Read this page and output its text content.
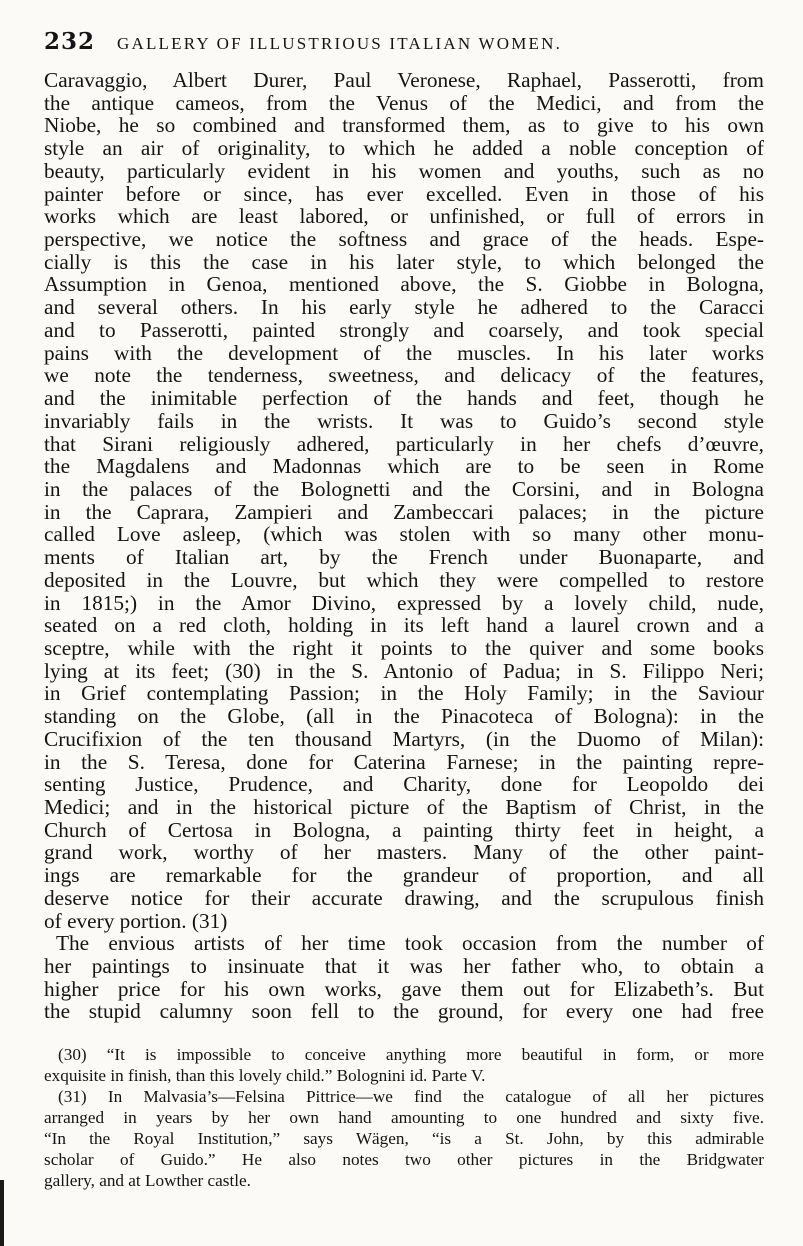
232 GALLERY OF ILLUSTRIOUS ITALIAN WOMEN.
Caravaggio, Albert Durer, Paul Veronese, Raphael, Passerotti, from
the antique cameos, from the Venus of the Medici, and from the
Niobe, he so combined and transformed them, as to give to his own
style an air of originality, to which he added a noble conception of
beauty, particularly evident in his women and youths, such as no
painter before or since, has ever excelled. Even in those of his
works which are least labored, or unfinished, or full of errors in
perspective, we notice the softness and grace of the heads. Espe-
cially is this the case in his later style, to which belonged the
Assumption in Genoa, mentioned above, the S. Giobbe in Bologna,
and several others. In his early style he adhered to the Caracci
and to Passerotti, painted strongly and coarsely, and took special
pains with the development of the muscles. In his later works
we note the tenderness, sweetness, and delicacy of the features,
and the inimitable perfection of the hands and feet, though he
invariably fails in the wrists. It was to Guido’s second style
that Sirani religiously adhered, particularly in her chefs d’œuvre,
the Magdalens and Madonnas which are to be seen in Rome
in the palaces of the Bolognetti and the Corsini, and in Bologna
in the Caprara, Zampieri and Zambeccari palaces; in the picture
called Love asleep, (which was stolen with so many other monu-
ments of Italian art, by the French under Buonaparte, and
deposited in the Louvre, but which they were compelled to restore
in 1815;) in the Amor Divino, expressed by a lovely child, nude,
seated on a red cloth, holding in its left hand a laurel crown and a
sceptre, while with the right it points to the quiver and some books
lying at its feet; (30) in the S. Antonio of Padua; in S. Filippo Neri;
in Grief contemplating Passion; in the Holy Family; in the Saviour
standing on the Globe, (all in the Pinacoteca of Bologna): in the
Crucifixion of the ten thousand Martyrs, (in the Duomo of Milan):
in the S. Teresa, done for Caterina Farnese; in the painting repre-
senting Justice, Prudence, and Charity, done for Leopoldo dei
Medici; and in the historical picture of the Baptism of Christ, in the
Church of Certosa in Bologna, a painting thirty feet in height, a
grand work, worthy of her masters. Many of the other paint-
ings are remarkable for the grandeur of proportion, and all
deserve notice for their accurate drawing, and the scrupulous finish
of every portion. (31)
The envious artists of her time took occasion from the number of
her paintings to insinuate that it was her father who, to obtain a
higher price for his own works, gave them out for Elizabeth’s. But
the stupid calumny soon fell to the ground, for every one had free
(30) “It is impossible to conceive anything more beautiful in form, or more
exquisite in finish, than this lovely child.” Bolognini id. Parte V.
(31) In Malvasia’s—Felsina Pittrice—we find the catalogue of all her pictures
arranged in years by her own hand amounting to one hundred and sixty five.
“In the Royal Institution,” says Wägen, “is a St. John, by this admirable
scholar of Guido.” He also notes two other pictures in the Bridgwater
gallery, and at Lowther castle.
